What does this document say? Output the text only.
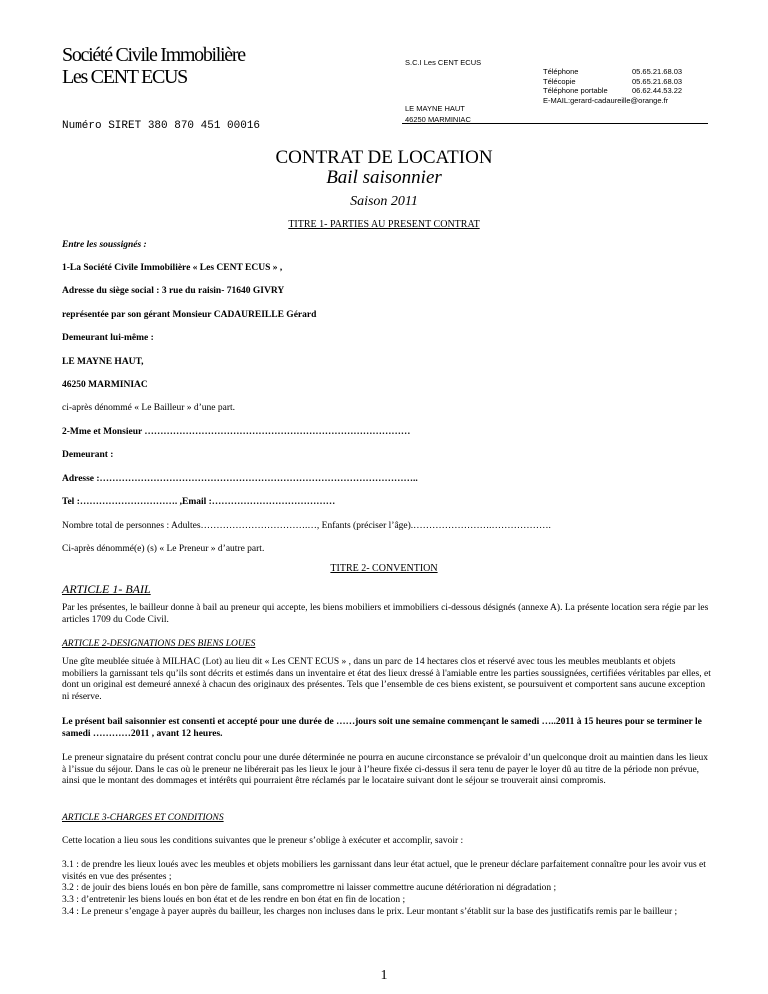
Société Civile Immobilière
Les CENT ECUS
Numéro SIRET 380 870 451 00016
S.C.I Les CENT ECUS
Téléphone	05.65.21.68.03
Télécopie	05.65.21.68.03
Téléphone portable	06.62.44.53.22
E-MAIL:gerard-cadaureille@orange.fr
LE MAYNE HAUT
46250 MARMINIAC
CONTRAT DE LOCATION
Bail saisonnier
Saison 2011
TITRE 1- PARTIES AU PRESENT CONTRAT
Entre les soussignés :
1-La Société Civile Immobilière « Les CENT ECUS » ,
Adresse du siège social : 3 rue du raisin- 71640 GIVRY
représentée par son gérant Monsieur CADAUREILLE Gérard
Demeurant lui-même :
LE MAYNE HAUT,
46250 MARMINIAC
ci-après dénommé « Le Bailleur » d’une part.
2-Mme et Monsieur …………………………………………………………………………
Demeurant :
Adresse :………………………………………………………………………………………..
Tel :…………………………. ,Email :…………………………………
Nombre total de personnes : Adultes…………………………….…, Enfants (préciser l’âge).…………………….……………….
Ci-après dénommé(e) (s) « Le Preneur » d’autre part.
TITRE 2- CONVENTION
ARTICLE 1- BAIL
Par les présentes, le bailleur donne à bail au preneur qui accepte, les biens mobiliers et immobiliers ci-dessous désignés (annexe A). La présente location sera régie par les articles 1709 du Code Civil.
ARTICLE 2-DESIGNATIONS DES BIENS LOUES
Une gîte meublée située à MILHAC (Lot) au lieu dit « Les CENT ECUS » , dans un parc de 14 hectares clos et réservé avec tous les meubles meublants et objets mobiliers la garnissant tels qu’ils sont décrits et estimés dans un inventaire et état des lieux dressé à l'amiable entre les parties soussignées, certifiées véritables par elles, et dont un original est demeuré annexé à chacun des originaux des présentes. Tels que l’ensemble de ces biens existent, se poursuivent et comportent sans aucune exception ni réserve.
Le présent bail saisonnier est consenti et accepté pour une durée de ……jours soit une semaine commençant le samedi …..2011 à 15 heures pour se terminer le samedi …………2011 , avant 12 heures.
Le preneur signataire du présent contrat conclu pour une durée déterminée ne pourra en aucune circonstance se prévaloir d’un quelconque droit au maintien dans les lieux à l’issue du séjour. Dans le cas où le preneur ne libérerait pas les lieux le jour à l’heure fixée ci-dessus il sera tenu de payer le loyer dû au titre de la période non prévue, ainsi que le montant des dommages et intérêts qui pourraient être réclamés par le locataire suivant dont le séjour se trouverait ainsi compromis.
ARTICLE 3-CHARGES ET CONDITIONS
Cette location a lieu sous les conditions suivantes que le preneur s’oblige à exécuter et accomplir, savoir :
3.1 : de prendre les lieux loués avec les meubles et objets mobiliers les garnissant dans leur état actuel, que le preneur déclare parfaitement connaître pour les avoir vus et visités en vue des présentes ;
3.2 : de jouir des biens loués en bon père de famille, sans compromettre ni laisser commettre aucune détérioration ni dégradation ;
3.3 : d’entretenir les biens loués en bon état et de les rendre en bon état en fin de location ;
3.4 : Le preneur s’engage à payer auprès du bailleur, les charges non incluses dans le prix. Leur montant s’établit sur la base des justificatifs remis par le bailleur ;
1
